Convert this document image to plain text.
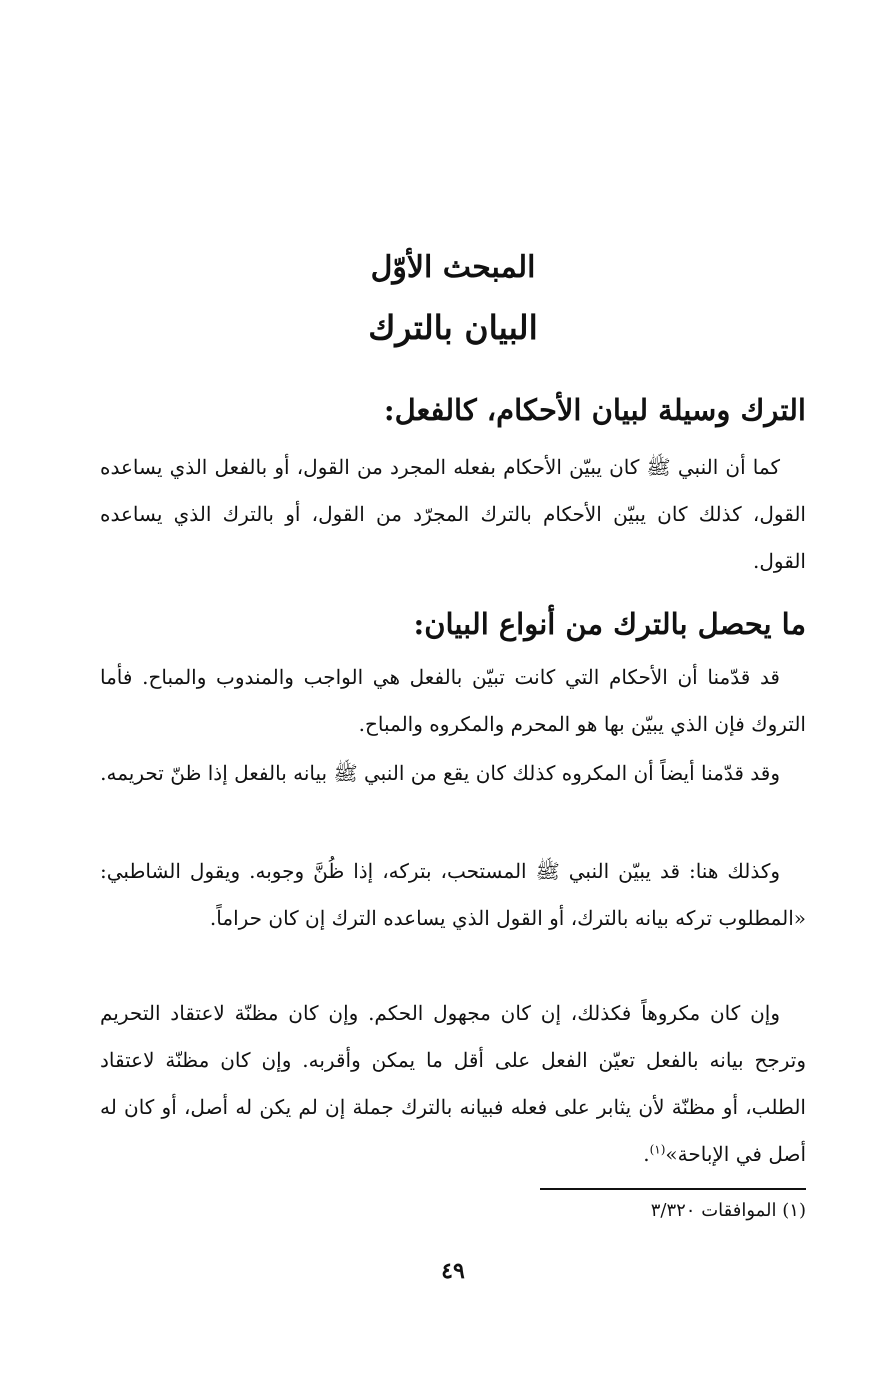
المبحث الأوّل
البيان بالترك
الترك وسيلة لبيان الأحكام، كالفعل:

كما أن النبي ﷺ كان يبيّن الأحكام بفعله المجرد من القول، أو بالفعل الذي يساعده القول، كذلك كان يبيّن الأحكام بالترك المجرّد من القول، أو بالترك الذي يساعده القول.

ما يحصل بالترك من أنواع البيان:

قد قدّمنا أن الأحكام التي كانت تبيّن بالفعل هي الواجب والمندوب والمباح. فأما التروك فإن الذي يبيّن بها هو المحرم والمكروه والمباح.

وقد قدّمنا أيضاً أن المكروه كذلك كان يقع من النبي ﷺ بيانه بالفعل إذا ظنّ تحريمه.

وكذلك هنا: قد يبيّن النبي ﷺ المستحب، بتركه، إذا ظُنَّ وجوبه. ويقول الشاطبي: «المطلوب تركه بيانه بالترك، أو القول الذي يساعده الترك إن كان حراماً.

وإن كان مكروهاً فكذلك، إن كان مجهول الحكم. وإن كان مظنّة لاعتقاد التحريم وترجح بيانه بالفعل تعيّن الفعل على أقل ما يمكن وأقربه. وإن كان مظنّة لاعتقاد الطلب، أو مظنّة لأن يثابر على فعله فبيانه بالترك جملة إن لم يكن له أصل، أو كان له أصل في الإباحة»$^{(١)}$.

(١) الموافقات ٣/٣٢٠
٤٩
